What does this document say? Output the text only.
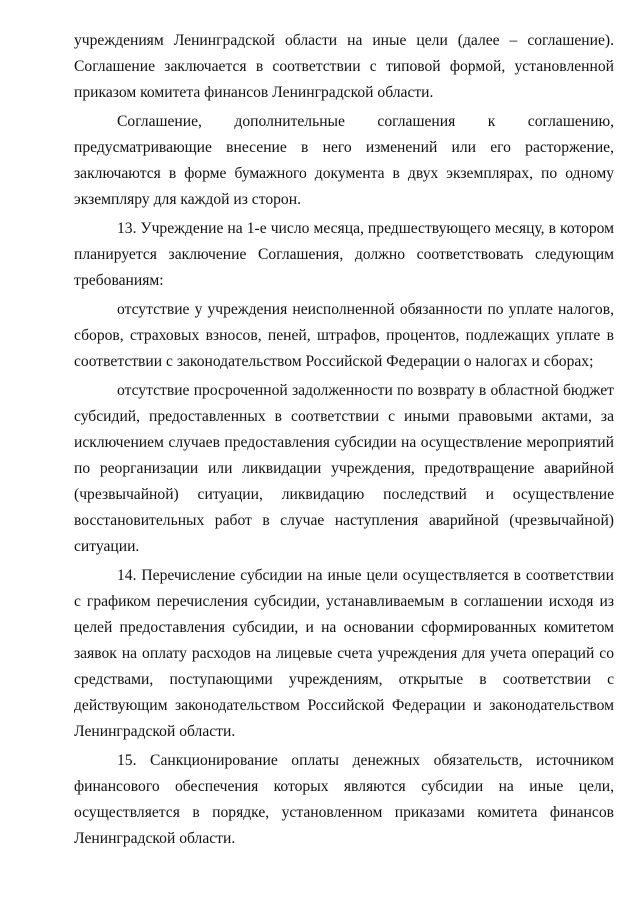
учреждениям Ленинградской области на иные цели (далее – соглашение). Соглашение заключается в соответствии с типовой формой, установленной приказом комитета финансов Ленинградской области.

Соглашение, дополнительные соглашения к соглашению, предусматривающие внесение в него изменений или его расторжение, заключаются в форме бумажного документа в двух экземплярах, по одному экземпляру для каждой из сторон.

13. Учреждение на 1-е число месяца, предшествующего месяцу, в котором планируется заключение Соглашения, должно соответствовать следующим требованиям:

отсутствие у учреждения неисполненной обязанности по уплате налогов, сборов, страховых взносов, пеней, штрафов, процентов, подлежащих уплате в соответствии с законодательством Российской Федерации о налогах и сборах;

отсутствие просроченной задолженности по возврату в областной бюджет субсидий, предоставленных в соответствии с иными правовыми актами, за исключением случаев предоставления субсидии на осуществление мероприятий по реорганизации или ликвидации учреждения, предотвращение аварийной (чрезвычайной) ситуации, ликвидацию последствий и осуществление восстановительных работ в случае наступления аварийной (чрезвычайной) ситуации.

14. Перечисление субсидии на иные цели осуществляется в соответствии с графиком перечисления субсидии, устанавливаемым в соглашении исходя из целей предоставления субсидии, и на основании сформированных комитетом заявок на оплату расходов на лицевые счета учреждения для учета операций со средствами, поступающими учреждениям, открытые в соответствии с действующим законодательством Российской Федерации и законодательством Ленинградской области.

15. Санкционирование оплаты денежных обязательств, источником финансового обеспечения которых являются субсидии на иные цели, осуществляется в порядке, установленном приказами комитета финансов Ленинградской области.
